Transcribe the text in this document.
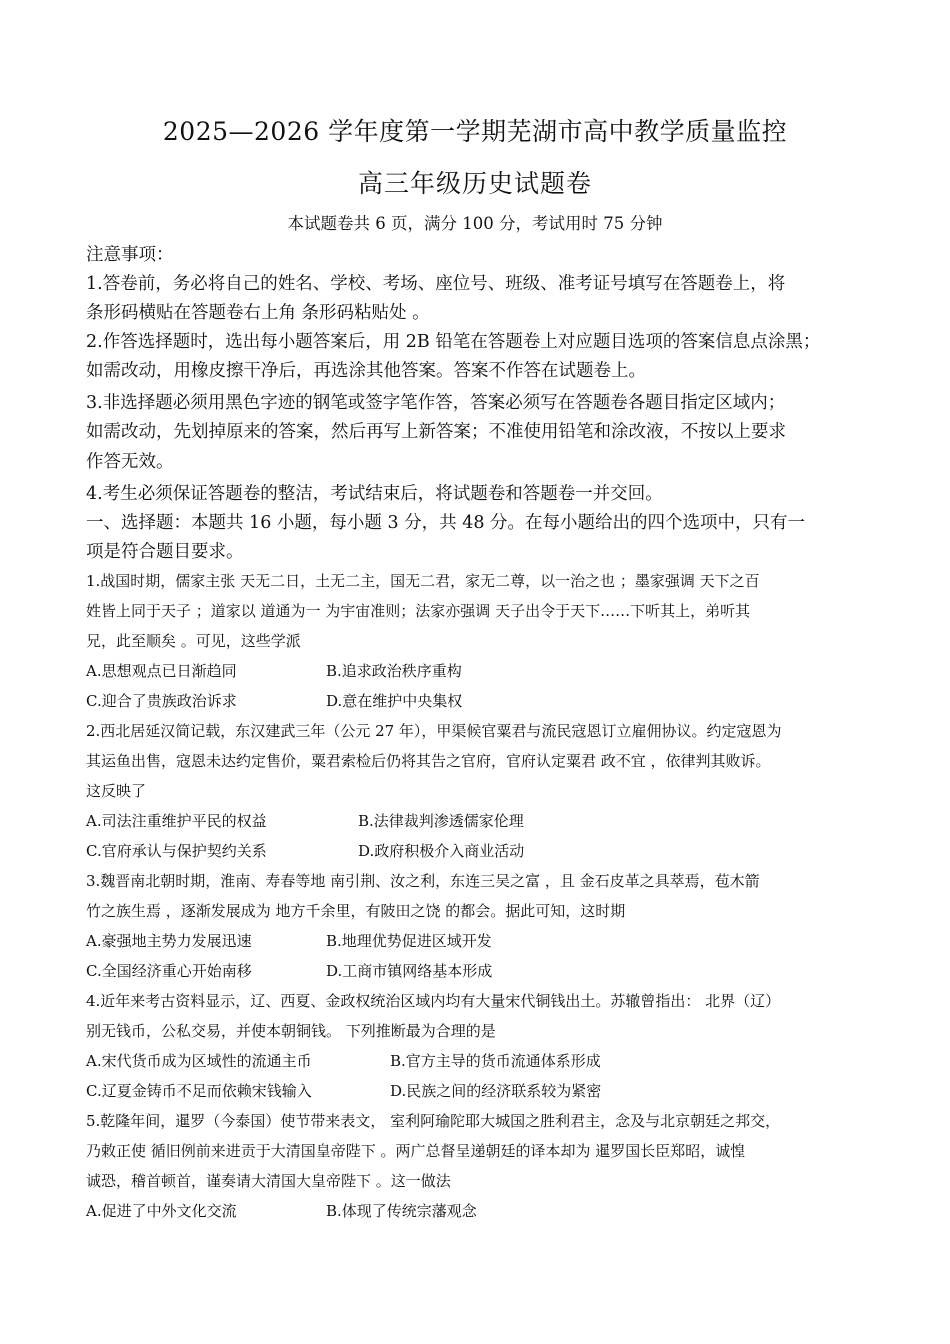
2025—2026 学年度第一学期芜湖市高中教学质量监控
高三年级历史试题卷
本试题卷共 6 页，满分 100 分，考试用时 75 分钟
注意事项：
1.答卷前，务必将自己的姓名、学校、考场、座位号、班级、准考证号填写在答题卷上，将
条形码横贴在答题卷右上角 条形码粘贴处 。
2.作答选择题时，选出每小题答案后，用 2B 铅笔在答题卷上对应题目选项的答案信息点涂黑；
如需改动，用橡皮擦干净后，再选涂其他答案。答案不作答在试题卷上。
3.非选择题必须用黑色字迹的钢笔或签字笔作答，答案必须写在答题卷各题目指定区域内；
如需改动，先划掉原来的答案，然后再写上新答案；不准使用铅笔和涂改液，不按以上要求
作答无效。
4.考生必须保证答题卷的整洁，考试结束后，将试题卷和答题卷一并交回。
一、选择题：本题共 16 小题，每小题 3 分，共 48 分。在每小题给出的四个选项中，只有一
项是符合题目要求。
1.战国时期，儒家主张 天无二日，土无二主，国无二君，家无二尊，以一治之也 ；墨家强调 天下之百
姓皆上同于天子 ；道家以 道通为一 为宇宙准则；法家亦强调 天子出令于天下……下听其上，弟听其
兄，此至顺矣 。可见，这些学派
A.思想观点已日渐趋同	B.追求政治秩序重构
C.迎合了贵族政治诉求	D.意在维护中央集权
2.西北居延汉简记载，东汉建武三年（公元 27 年），甲渠候官粟君与流民寇恩订立雇佣协议。约定寇恩为
其运鱼出售，寇恩未达约定售价，粟君索检后仍将其告之官府，官府认定粟君 政不宜 ，依律判其败诉。
这反映了
A.司法注重维护平民的权益	B.法律裁判渗透儒家伦理
C.官府承认与保护契约关系	D.政府积极介入商业活动
3.魏晋南北朝时期，淮南、寿春等地 南引荆、汝之利，东连三吴之富 ，且 金石皮革之具萃焉，苞木箭
竹之族生焉 ，逐渐发展成为 地方千余里，有陂田之饶 的都会。据此可知，这时期
A.豪强地主势力发展迅速	B.地理优势促进区域开发
C.全国经济重心开始南移	D.工商市镇网络基本形成
4.近年来考古资料显示，辽、西夏、金政权统治区域内均有大量宋代铜钱出土。苏辙曾指出： 北界（辽）
别无钱币，公私交易，并使本朝铜钱。 下列推断最为合理的是
A.宋代货币成为区域性的流通主币	B.官方主导的货币流通体系形成
C.辽夏金铸币不足而依赖宋钱输入	D.民族之间的经济联系较为紧密
5.乾隆年间，暹罗（今泰国）使节带来表文， 室利阿瑜陀耶大城国之胜利君主，念及与北京朝廷之邦交，
乃敕正使 循旧例前来进贡于大清国皇帝陛下 。两广总督呈递朝廷的译本却为 暹罗国长臣郑昭，诚惶
诚恐，稽首顿首，谨奏请大清国大皇帝陛下 。这一做法
A.促进了中外文化交流	B.体现了传统宗藩观念
